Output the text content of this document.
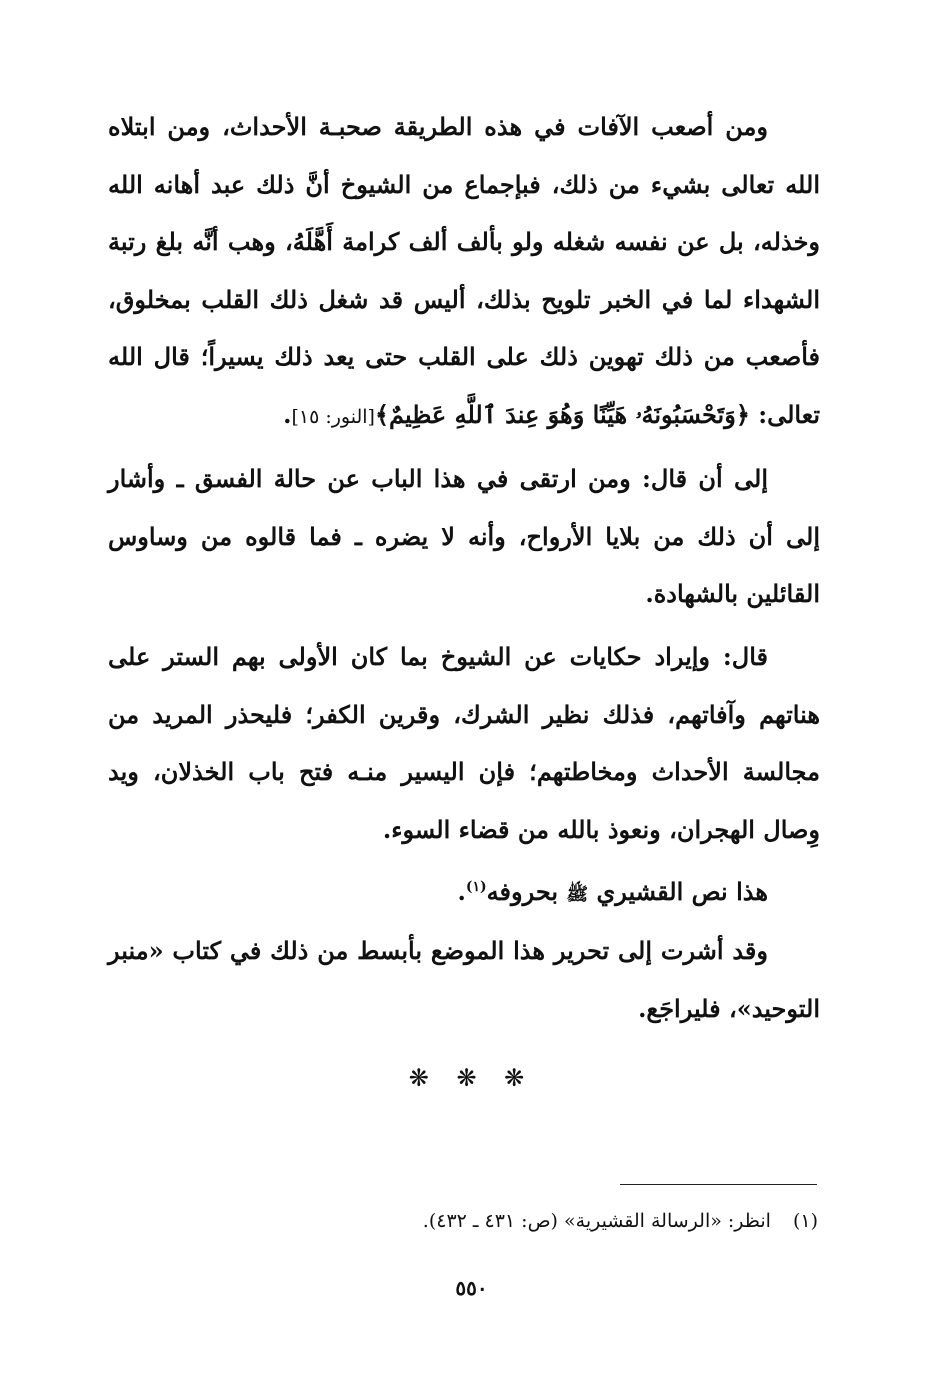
ومن أصعب الآفات في هذه الطريقة صحبـة الأحداث، ومن ابتلاه الله تعالى بشيء من ذلك، فبإجماع من الشيوخ أنَّ ذلك عبد أهانه الله وخذله، بل عن نفسه شغله ولو بألف ألف كرامة أَهَّلَهُ، وهب أنَّه بلغ رتبة الشهداء لما في الخبر تلويح بذلك، أليس قد شغل ذلك القلب بمخلوق، فأصعب من ذلك تهوين ذلك على القلب حتى يعد ذلك يسيراً؛ قال الله تعالى: ﴿وَتَحْسَبُونَهُۥ هَيِّنًا وَهُوَ عِندَ ٱللَّهِ عَظِيمٌ﴾[النور: ١٥].

إلى أن قال: ومن ارتقى في هذا الباب عن حالة الفسق ـ وأشار إلى أن ذلك من بلايا الأرواح، وأنه لا يضره ـ فما قالوه من وساوس القائلين بالشهادة.

قال: وإيراد حكايات عن الشيوخ بما كان الأولى بهم الستر على هناتهم وآفاتهم، فذلك نظير الشرك، وقرين الكفر؛ فليحذر المريد من مجالسة الأحداث ومخاطتهم؛ فإن اليسير منـه فتح باب الخذلان، ويد وِصال الهجران، ونعوذ بالله من قضاء السوء.

هذا نص القشيري ﷺ بحروفه$^{(١)}$.

وقد أشرت إلى تحرير هذا الموضع بأبسط من ذلك في كتاب «منبر التوحيد»، فليراجَع.

❋ ❋ ❋

(١)انظر: «الرسالة القشيرية» (ص: ٤٣١ ـ ٤٣٢).

٥٥٠
